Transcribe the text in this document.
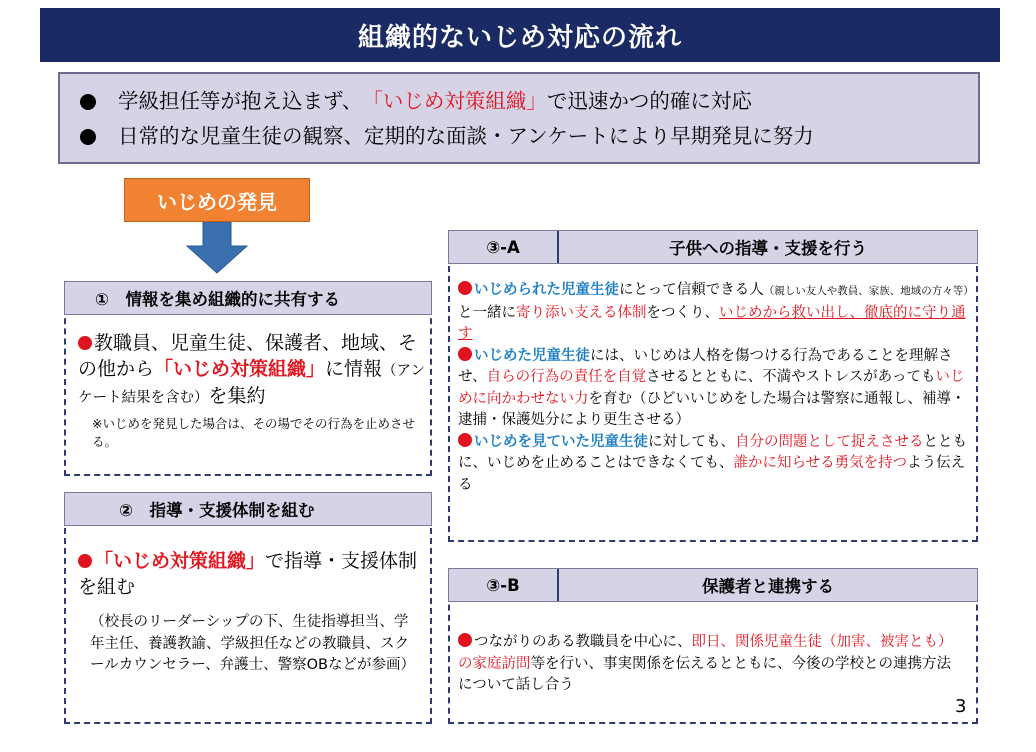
組織的ないじめ対応の流れ
学級担任等が抱え込まず、 「いじめ対策組織」 で迅速かつ的確に対応
日常的な児童生徒の観察、定期的な面談・アンケートにより早期発見に努力
いじめの発見
①　情報を集め組織的に共有する
教職員、児童生徒、保護者、地域、その他から「いじめ対策組織」に情報（アンケート結果を含む）を集約
※いじめを発見した場合は、その場でその行為を止めさせる。
②　指導・支援体制を組む
「いじめ対策組織」で指導・支援体制を組む
（校長のリーダーシップの下、生徒指導担当、学年主任、養護教諭、学級担任などの教職員、スクールカウンセラー、弁護士、警察OBなどが参画）
③-A	子供への指導・支援を行う
いじめられた児童生徒にとって信頼できる人（親しい友人や教員、家族、地域の方々等）と一緒に寄り添い支える体制をつくり、いじめから救い出し、徹底的に守り通す
いじめた児童生徒には、いじめは人格を傷つける行為であることを理解させ、自らの行為の責任を自覚させるとともに、不満やストレスがあってもいじめに向かわせない力を育む（ひどいいじめをした場合は警察に通報し、補導・逮捕・保護処分により更生させる）
いじめを見ていた児童生徒に対しても、自分の問題として捉えさせるとともに、いじめを止めることはできなくても、誰かに知らせる勇気を持つよう伝える
③-B	保護者と連携する
つながりのある教職員を中心に、即日、関係児童生徒（加害、被害とも）の家庭訪問等を行い、事実関係を伝えるとともに、今後の学校との連携方法について話し合う
3
